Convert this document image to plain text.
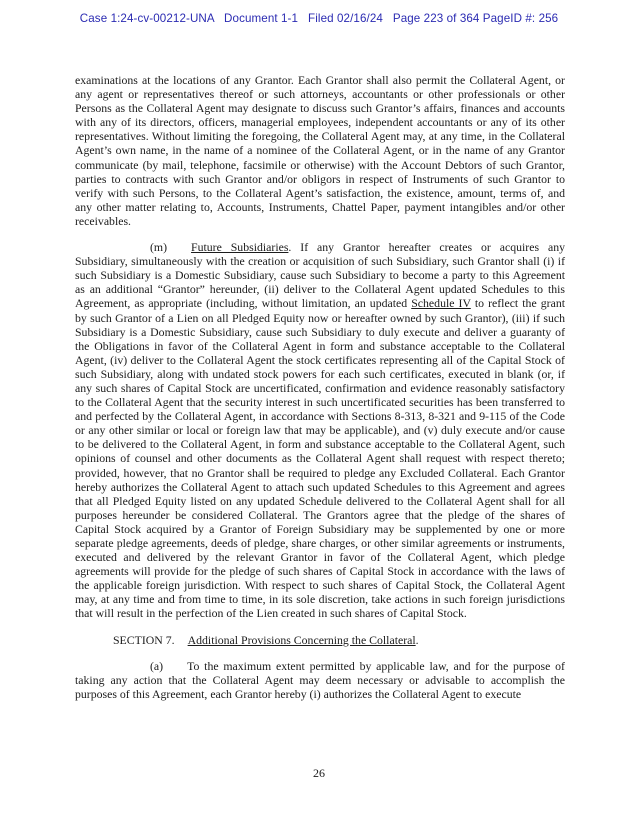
Case 1:24-cv-00212-UNA   Document 1-1   Filed 02/16/24   Page 223 of 364 PageID #: 256

examinations at the locations of any Grantor. Each Grantor shall also permit the Collateral Agent, or any agent or representatives thereof or such attorneys, accountants or other professionals or other Persons as the Collateral Agent may designate to discuss such Grantor’s affairs, finances and accounts with any of its directors, officers, managerial employees, independent accountants or any of its other representatives. Without limiting the foregoing, the Collateral Agent may, at any time, in the Collateral Agent’s own name, in the name of a nominee of the Collateral Agent, or in the name of any Grantor communicate (by mail, telephone, facsimile or otherwise) with the Account Debtors of such Grantor, parties to contracts with such Grantor and/or obligors in respect of Instruments of such Grantor to verify with such Persons, to the Collateral Agent’s satisfaction, the existence, amount, terms of, and any other matter relating to, Accounts, Instruments, Chattel Paper, payment intangibles and/or other receivables.

(m) Future Subsidiaries. If any Grantor hereafter creates or acquires any Subsidiary, simultaneously with the creation or acquisition of such Subsidiary, such Grantor shall (i) if such Subsidiary is a Domestic Subsidiary, cause such Subsidiary to become a party to this Agreement as an additional “Grantor” hereunder, (ii) deliver to the Collateral Agent updated Schedules to this Agreement, as appropriate (including, without limitation, an updated Schedule IV to reflect the grant by such Grantor of a Lien on all Pledged Equity now or hereafter owned by such Grantor), (iii) if such Subsidiary is a Domestic Subsidiary, cause such Subsidiary to duly execute and deliver a guaranty of the Obligations in favor of the Collateral Agent in form and substance acceptable to the Collateral Agent, (iv) deliver to the Collateral Agent the stock certificates representing all of the Capital Stock of such Subsidiary, along with undated stock powers for each such certificates, executed in blank (or, if any such shares of Capital Stock are uncertificated, confirmation and evidence reasonably satisfactory to the Collateral Agent that the security interest in such uncertificated securities has been transferred to and perfected by the Collateral Agent, in accordance with Sections 8-313, 8-321 and 9-115 of the Code or any other similar or local or foreign law that may be applicable), and (v) duly execute and/or cause to be delivered to the Collateral Agent, in form and substance acceptable to the Collateral Agent, such opinions of counsel and other documents as the Collateral Agent shall request with respect thereto; provided, however, that no Grantor shall be required to pledge any Excluded Collateral. Each Grantor hereby authorizes the Collateral Agent to attach such updated Schedules to this Agreement and agrees that all Pledged Equity listed on any updated Schedule delivered to the Collateral Agent shall for all purposes hereunder be considered Collateral. The Grantors agree that the pledge of the shares of Capital Stock acquired by a Grantor of Foreign Subsidiary may be supplemented by one or more separate pledge agreements, deeds of pledge, share charges, or other similar agreements or instruments, executed and delivered by the relevant Grantor in favor of the Collateral Agent, which pledge agreements will provide for the pledge of such shares of Capital Stock in accordance with the laws of the applicable foreign jurisdiction. With respect to such shares of Capital Stock, the Collateral Agent may, at any time and from time to time, in its sole discretion, take actions in such foreign jurisdictions that will result in the perfection of the Lien created in such shares of Capital Stock.

SECTION 7. Additional Provisions Concerning the Collateral.

(a) To the maximum extent permitted by applicable law, and for the purpose of taking any action that the Collateral Agent may deem necessary or advisable to accomplish the purposes of this Agreement, each Grantor hereby (i) authorizes the Collateral Agent to execute

26
